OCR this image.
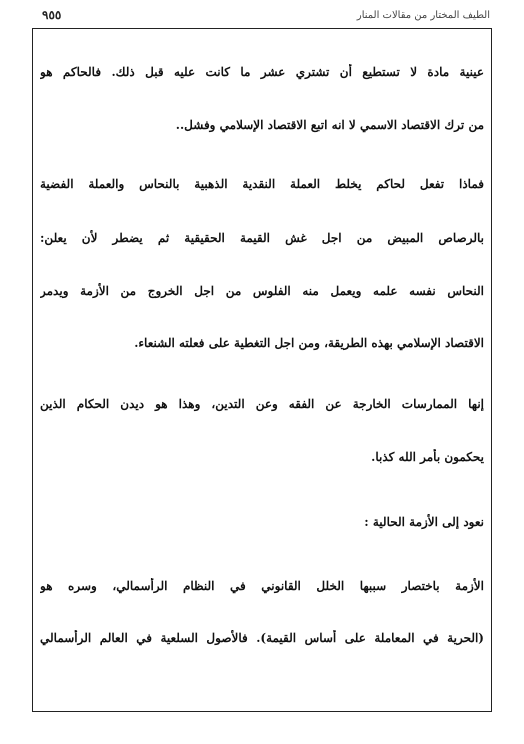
الطيف المختار من مقالات المنار
٩٥٥
عينية مادة لا تستطيع أن تشتري عشر ما كانت عليه قبل ذلك. فالحاكم هو
من ترك الاقتصاد الاسمي لا انه اتبع الاقتصاد الإسلامي وفشل..
فماذا تفعل لحاكم يخلط العملة النقدية الذهبية بالنحاس والعملة الفضية
بالرصاص المبيض من اجل غش القيمة الحقيقية ثم يضطر لأن يعلن:
النحاس نفسه علمه ويعمل منه الفلوس من اجل الخروج من الأزمة ويدمر
الاقتصاد الإسلامي بهذه الطريقة، ومن اجل التغطية على فعلته الشنعاء.
إنها الممارسات الخارجة عن الفقه وعن التدين، وهذا هو ديدن الحكام الذين
يحكمون بأمر الله كذبا.
نعود إلى الأزمة الحالية :
الأزمة باختصار سببها الخلل القانوني في النظام الرأسمالي، وسره هو
(الحرية في المعاملة على أساس القيمة). فالأصول السلعية في العالم الرأسمالي
